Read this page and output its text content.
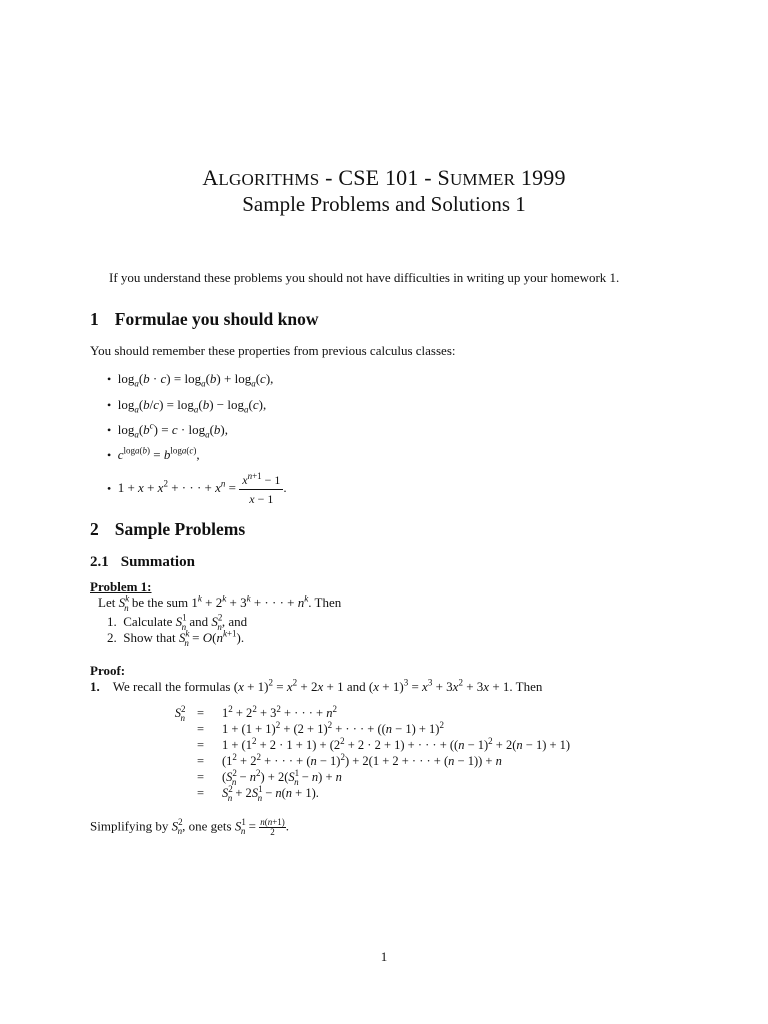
ALGORITHMS - CSE 101 - SUMMER 1999
Sample Problems and Solutions 1
If you understand these problems you should not have difficulties in writing up your homework 1.
1 Formulae you should know
You should remember these properties from previous calculus classes:
• $\log_a(b \cdot c) = \log_a(b) + \log_a(c)$,
• $\log_a(b/c) = \log_a(b) - \log_a(c)$,
• $\log_a(b^c) = c \cdot \log_a(b)$,
• $c^{loga(b)} = b^{loga(c)}$,
• $1 + x + x^2$ + · · · + $x^n = \frac{x^{n+1} - 1}{x - 1}$ .
2 Sample Problems
2.1 Summation
Problem 1:
Let $S^k_n$ be the sum $1^k + 2^k + 3^k$ + · · · + $n^k$. Then
1. Calculate $S^1_n$ and $S^2_n$, and
2. Show that $S^k_n = O(n^{k+1})$.
Proof:
1. We recall the formulas $(x + 1)^2 = x^2 + 2x + 1$ and $(x + 1)^3 = x^3 + 3x^2 + 3x + 1$. Then
$S^2_n = 1^2 + 2^2 + 3^2$ + · · · + $n^2$
= $1 + (1 + 1)^2 + (2 + 1)^2$ + · · · + $((n - 1) + 1)^2$
= $1 + (1^2 + 2 \cdot 1 + 1) + (2^2 + 2 \cdot 2 + 1)$ + · · · + $((n - 1)^2 + 2(n - 1) + 1)$
= ($1^2 + 2^2$ + · · · + $(n - 1)^2) + 2(1 + 2$ + · · · + (n − 1)) + n
= $(S^2_n - n^2) + 2(S^1_n - n) + n$
= $S^2_n + 2S^1_n - n(n + 1)$.
Simplifying by $S^2_n$, one gets $S^1_n = \frac{n(n+1)}{2}$ .
1
